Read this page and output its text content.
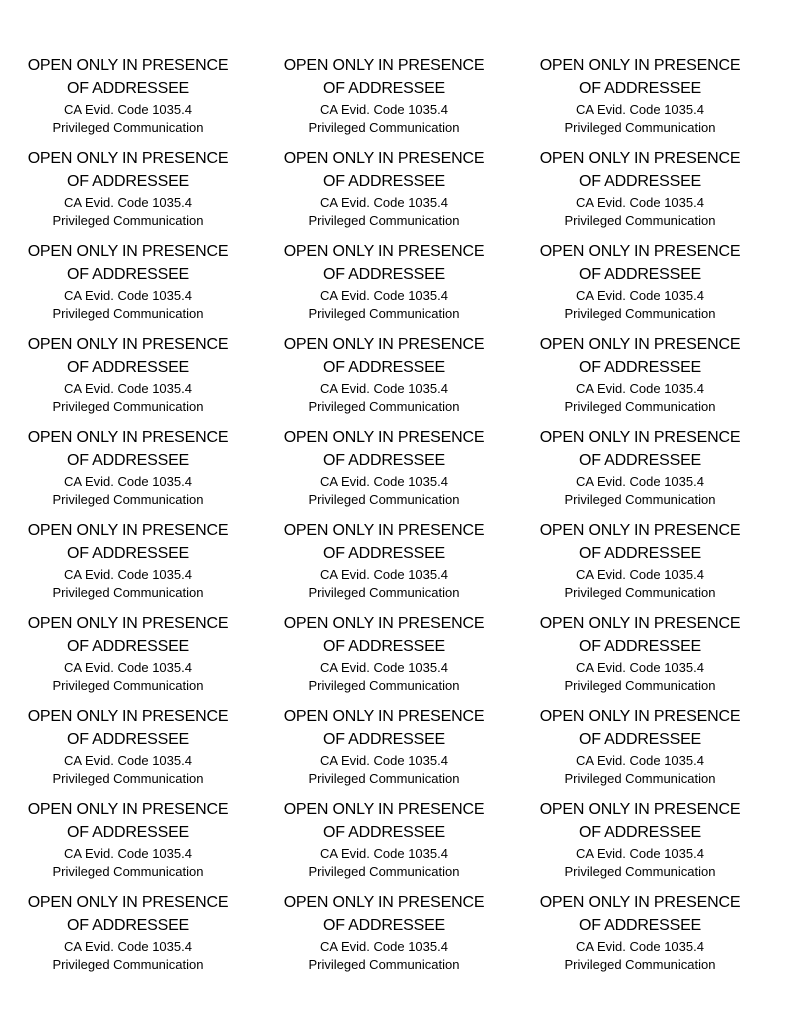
OPEN ONLY IN PRESENCE
OF ADDRESSEE
CA Evid. Code 1035.4
Privileged Communication
OPEN ONLY IN PRESENCE
OF ADDRESSEE
CA Evid. Code 1035.4
Privileged Communication
OPEN ONLY IN PRESENCE
OF ADDRESSEE
CA Evid. Code 1035.4
Privileged Communication
OPEN ONLY IN PRESENCE
OF ADDRESSEE
CA Evid. Code 1035.4
Privileged Communication
OPEN ONLY IN PRESENCE
OF ADDRESSEE
CA Evid. Code 1035.4
Privileged Communication
OPEN ONLY IN PRESENCE
OF ADDRESSEE
CA Evid. Code 1035.4
Privileged Communication
OPEN ONLY IN PRESENCE
OF ADDRESSEE
CA Evid. Code 1035.4
Privileged Communication
OPEN ONLY IN PRESENCE
OF ADDRESSEE
CA Evid. Code 1035.4
Privileged Communication
OPEN ONLY IN PRESENCE
OF ADDRESSEE
CA Evid. Code 1035.4
Privileged Communication
OPEN ONLY IN PRESENCE
OF ADDRESSEE
CA Evid. Code 1035.4
Privileged Communication
OPEN ONLY IN PRESENCE
OF ADDRESSEE
CA Evid. Code 1035.4
Privileged Communication
OPEN ONLY IN PRESENCE
OF ADDRESSEE
CA Evid. Code 1035.4
Privileged Communication
OPEN ONLY IN PRESENCE
OF ADDRESSEE
CA Evid. Code 1035.4
Privileged Communication
OPEN ONLY IN PRESENCE
OF ADDRESSEE
CA Evid. Code 1035.4
Privileged Communication
OPEN ONLY IN PRESENCE
OF ADDRESSEE
CA Evid. Code 1035.4
Privileged Communication
OPEN ONLY IN PRESENCE
OF ADDRESSEE
CA Evid. Code 1035.4
Privileged Communication
OPEN ONLY IN PRESENCE
OF ADDRESSEE
CA Evid. Code 1035.4
Privileged Communication
OPEN ONLY IN PRESENCE
OF ADDRESSEE
CA Evid. Code 1035.4
Privileged Communication
OPEN ONLY IN PRESENCE
OF ADDRESSEE
CA Evid. Code 1035.4
Privileged Communication
OPEN ONLY IN PRESENCE
OF ADDRESSEE
CA Evid. Code 1035.4
Privileged Communication
OPEN ONLY IN PRESENCE
OF ADDRESSEE
CA Evid. Code 1035.4
Privileged Communication
OPEN ONLY IN PRESENCE
OF ADDRESSEE
CA Evid. Code 1035.4
Privileged Communication
OPEN ONLY IN PRESENCE
OF ADDRESSEE
CA Evid. Code 1035.4
Privileged Communication
OPEN ONLY IN PRESENCE
OF ADDRESSEE
CA Evid. Code 1035.4
Privileged Communication
OPEN ONLY IN PRESENCE
OF ADDRESSEE
CA Evid. Code 1035.4
Privileged Communication
OPEN ONLY IN PRESENCE
OF ADDRESSEE
CA Evid. Code 1035.4
Privileged Communication
OPEN ONLY IN PRESENCE
OF ADDRESSEE
CA Evid. Code 1035.4
Privileged Communication
OPEN ONLY IN PRESENCE
OF ADDRESSEE
CA Evid. Code 1035.4
Privileged Communication
OPEN ONLY IN PRESENCE
OF ADDRESSEE
CA Evid. Code 1035.4
Privileged Communication
OPEN ONLY IN PRESENCE
OF ADDRESSEE
CA Evid. Code 1035.4
Privileged Communication
